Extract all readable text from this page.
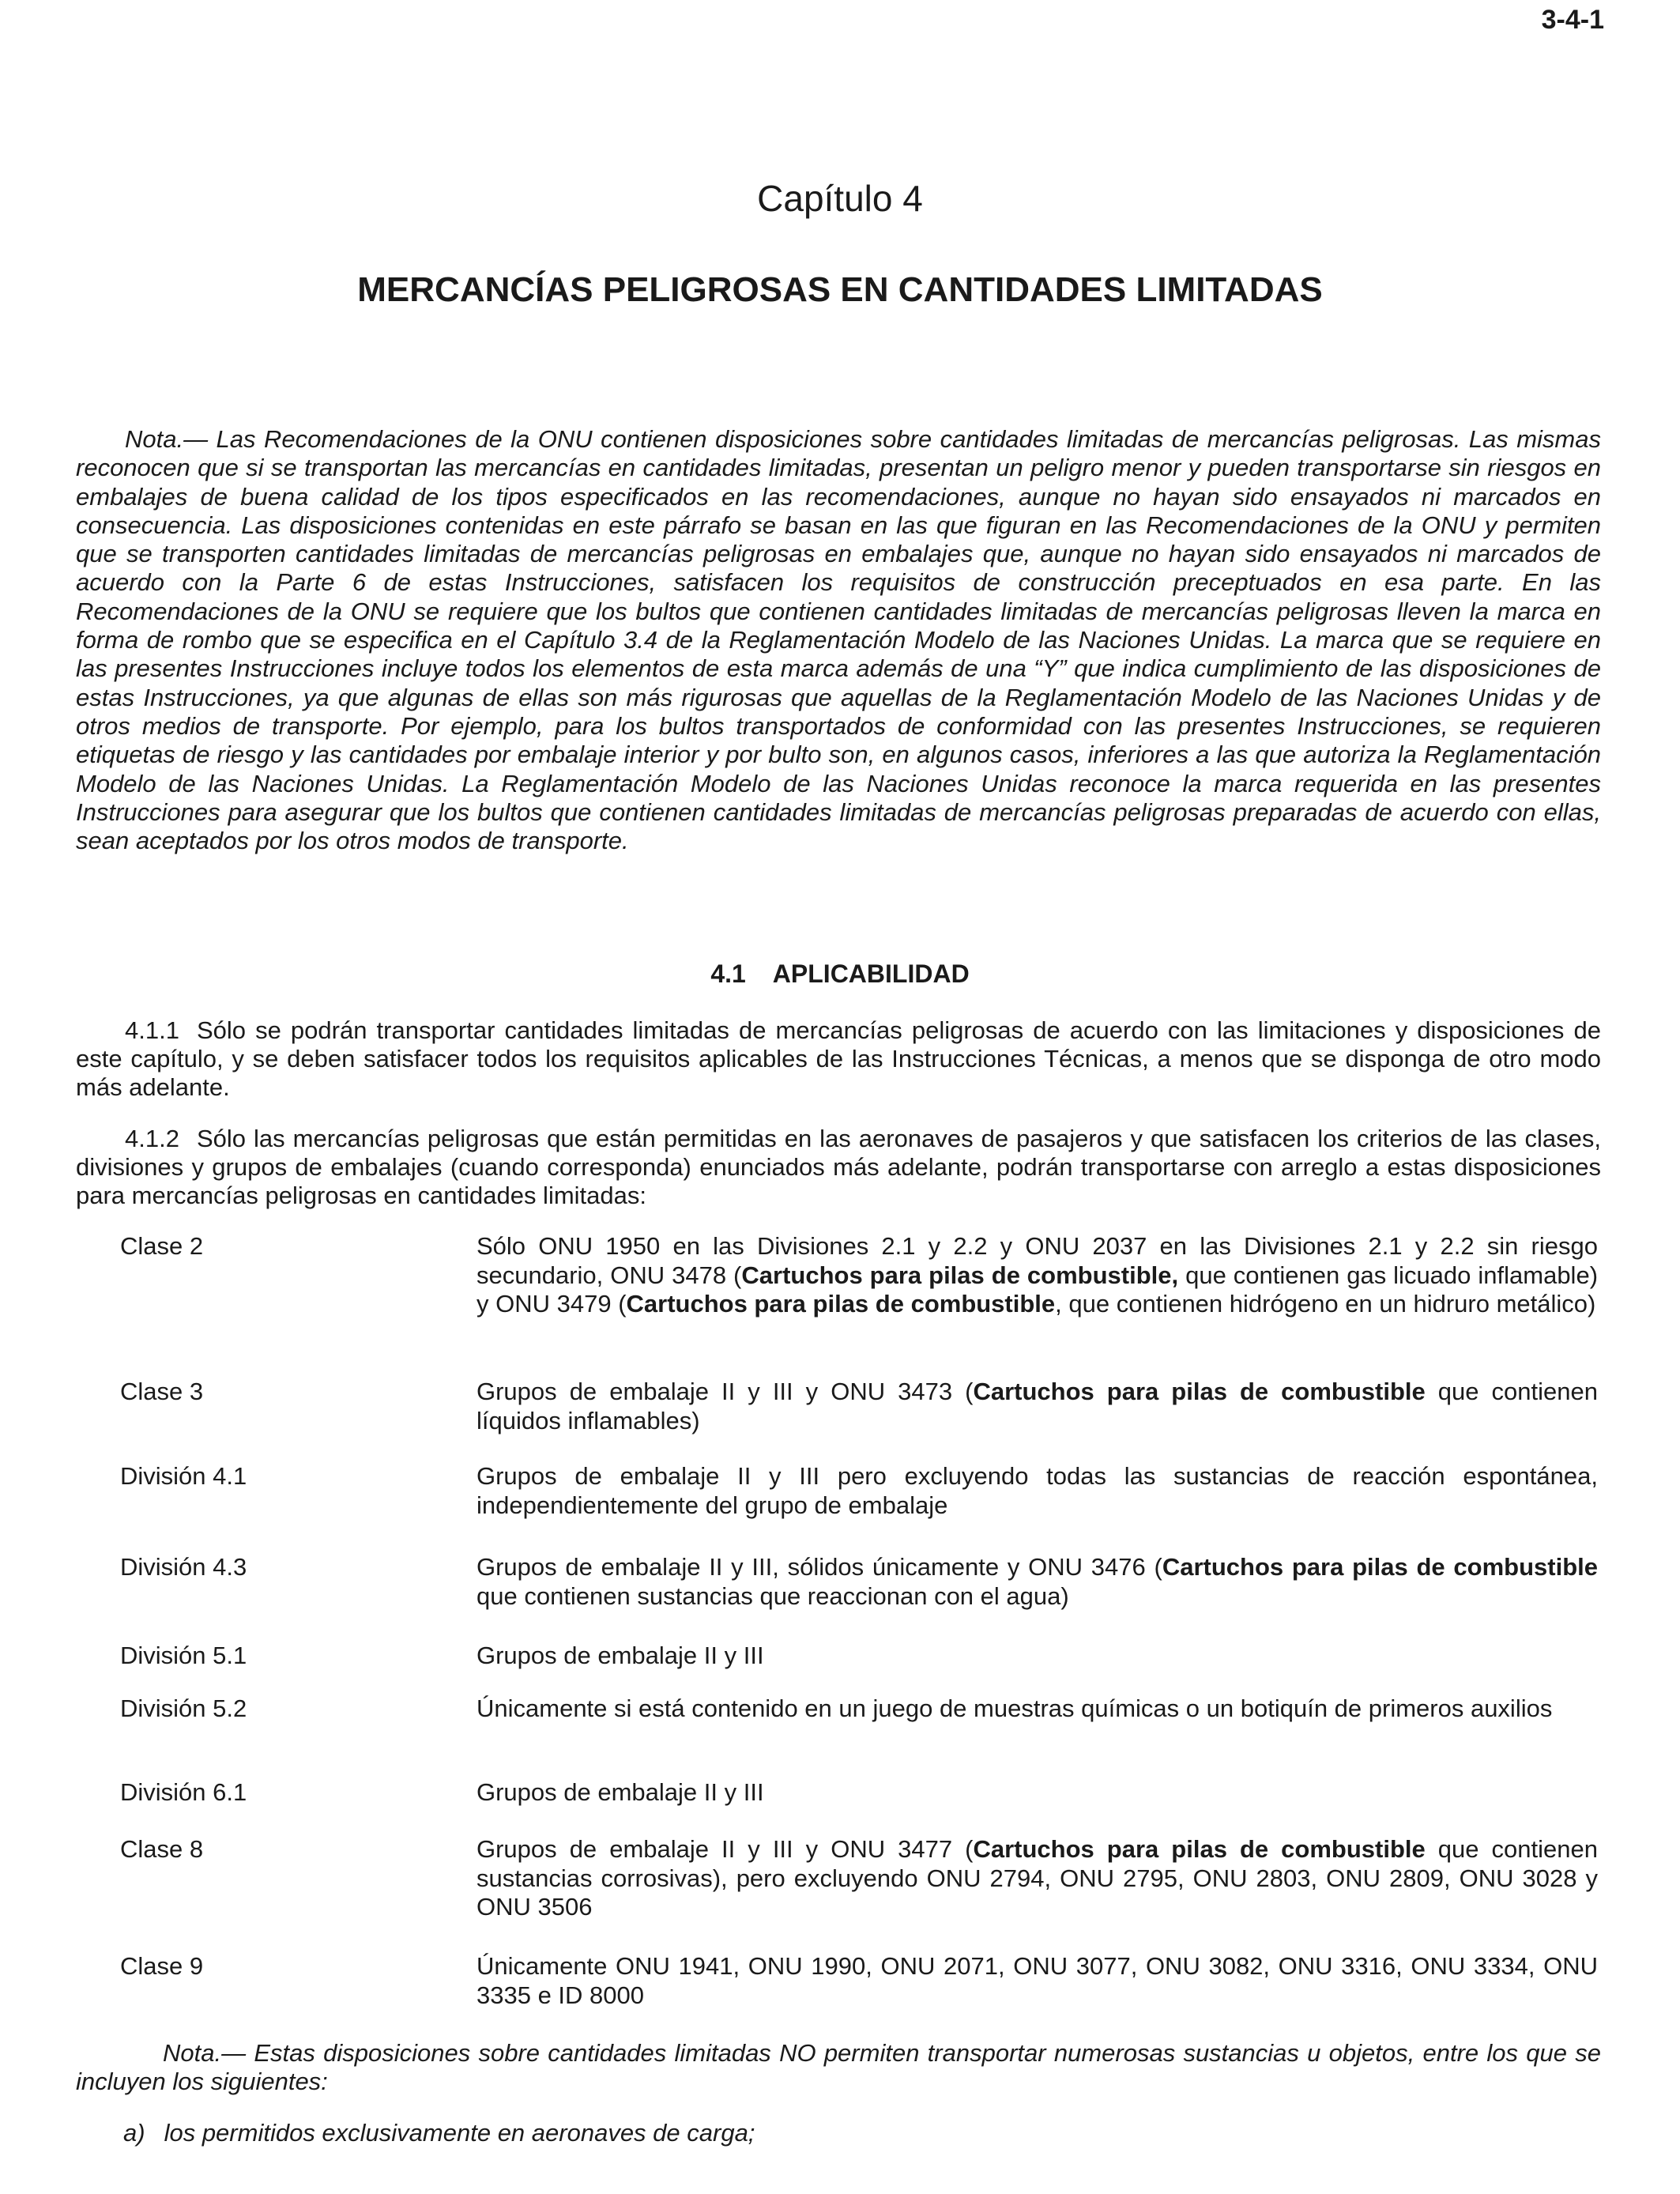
3-4-1
Capítulo 4
MERCANCÍAS PELIGROSAS EN CANTIDADES LIMITADAS
Nota.— Las Recomendaciones de la ONU contienen disposiciones sobre cantidades limitadas de mercancías peligrosas. Las mismas reconocen que si se transportan las mercancías en cantidades limitadas, presentan un peligro menor y pueden transportarse sin riesgos en embalajes de buena calidad de los tipos especificados en las recomendaciones, aunque no hayan sido ensayados ni marcados en consecuencia. Las disposiciones contenidas en este párrafo se basan en las que figuran en las Recomendaciones de la ONU y permiten que se transporten cantidades limitadas de mercancías peligrosas en embalajes que, aunque no hayan sido ensayados ni marcados de acuerdo con la Parte 6 de estas Instrucciones, satisfacen los requisitos de construcción preceptuados en esa parte. En las Recomendaciones de la ONU se requiere que los bultos que contienen cantidades limitadas de mercancías peligrosas lleven la marca en forma de rombo que se especifica en el Capítulo 3.4 de la Reglamentación Modelo de las Naciones Unidas. La marca que se requiere en las presentes Instrucciones incluye todos los elementos de esta marca además de una “Y” que indica cumplimiento de las disposiciones de estas Instrucciones, ya que algunas de ellas son más rigurosas que aquellas de la Reglamentación Modelo de las Naciones Unidas y de otros medios de transporte. Por ejemplo, para los bultos transportados de conformidad con las presentes Instrucciones, se requieren etiquetas de riesgo y las cantidades por embalaje interior y por bulto son, en algunos casos, inferiores a las que autoriza la Reglamentación Modelo de las Naciones Unidas. La Reglamentación Modelo de las Naciones Unidas reconoce la marca requerida en las presentes Instrucciones para asegurar que los bultos que contienen cantidades limitadas de mercancías peligrosas preparadas de acuerdo con ellas, sean aceptados por los otros modos de transporte.
4.1 APLICABILIDAD
4.1.1 Sólo se podrán transportar cantidades limitadas de mercancías peligrosas de acuerdo con las limitaciones y disposiciones de este capítulo, y se deben satisfacer todos los requisitos aplicables de las Instrucciones Técnicas, a menos que se disponga de otro modo más adelante.
4.1.2 Sólo las mercancías peligrosas que están permitidas en las aeronaves de pasajeros y que satisfacen los criterios de las clases, divisiones y grupos de embalajes (cuando corresponda) enunciados más adelante, podrán transportarse con arreglo a estas disposiciones para mercancías peligrosas en cantidades limitadas:
Clase 2	Sólo ONU 1950 en las Divisiones 2.1 y 2.2 y ONU 2037 en las Divisiones 2.1 y 2.2 sin riesgo secundario, ONU 3478 (Cartuchos para pilas de combustible, que contienen gas licuado inflamable) y ONU 3479 (Cartuchos para pilas de combustible, que contienen hidrógeno en un hidruro metálico)
Clase 3	Grupos de embalaje II y III y ONU 3473 (Cartuchos para pilas de combustible que contienen líquidos inflamables)
División 4.1	Grupos de embalaje II y III pero excluyendo todas las sustancias de reacción espontánea, independientemente del grupo de embalaje
División 4.3	Grupos de embalaje II y III, sólidos únicamente y ONU 3476 (Cartuchos para pilas de combustible que contienen sustancias que reaccionan con el agua)
División 5.1	Grupos de embalaje II y III
División 5.2	Únicamente si está contenido en un juego de muestras químicas o un botiquín de primeros auxilios
División 6.1	Grupos de embalaje II y III
Clase 8	Grupos de embalaje II y III y ONU 3477 (Cartuchos para pilas de combustible que contienen sustancias corrosivas), pero excluyendo ONU 2794, ONU 2795, ONU 2803, ONU 2809, ONU 3028 y ONU 3506
Clase 9	Únicamente ONU 1941, ONU 1990, ONU 2071, ONU 3077, ONU 3082, ONU 3316, ONU 3334, ONU 3335 e ID 8000
Nota.— Estas disposiciones sobre cantidades limitadas NO permiten transportar numerosas sustancias u objetos, entre los que se incluyen los siguientes:
a) los permitidos exclusivamente en aeronaves de carga;
